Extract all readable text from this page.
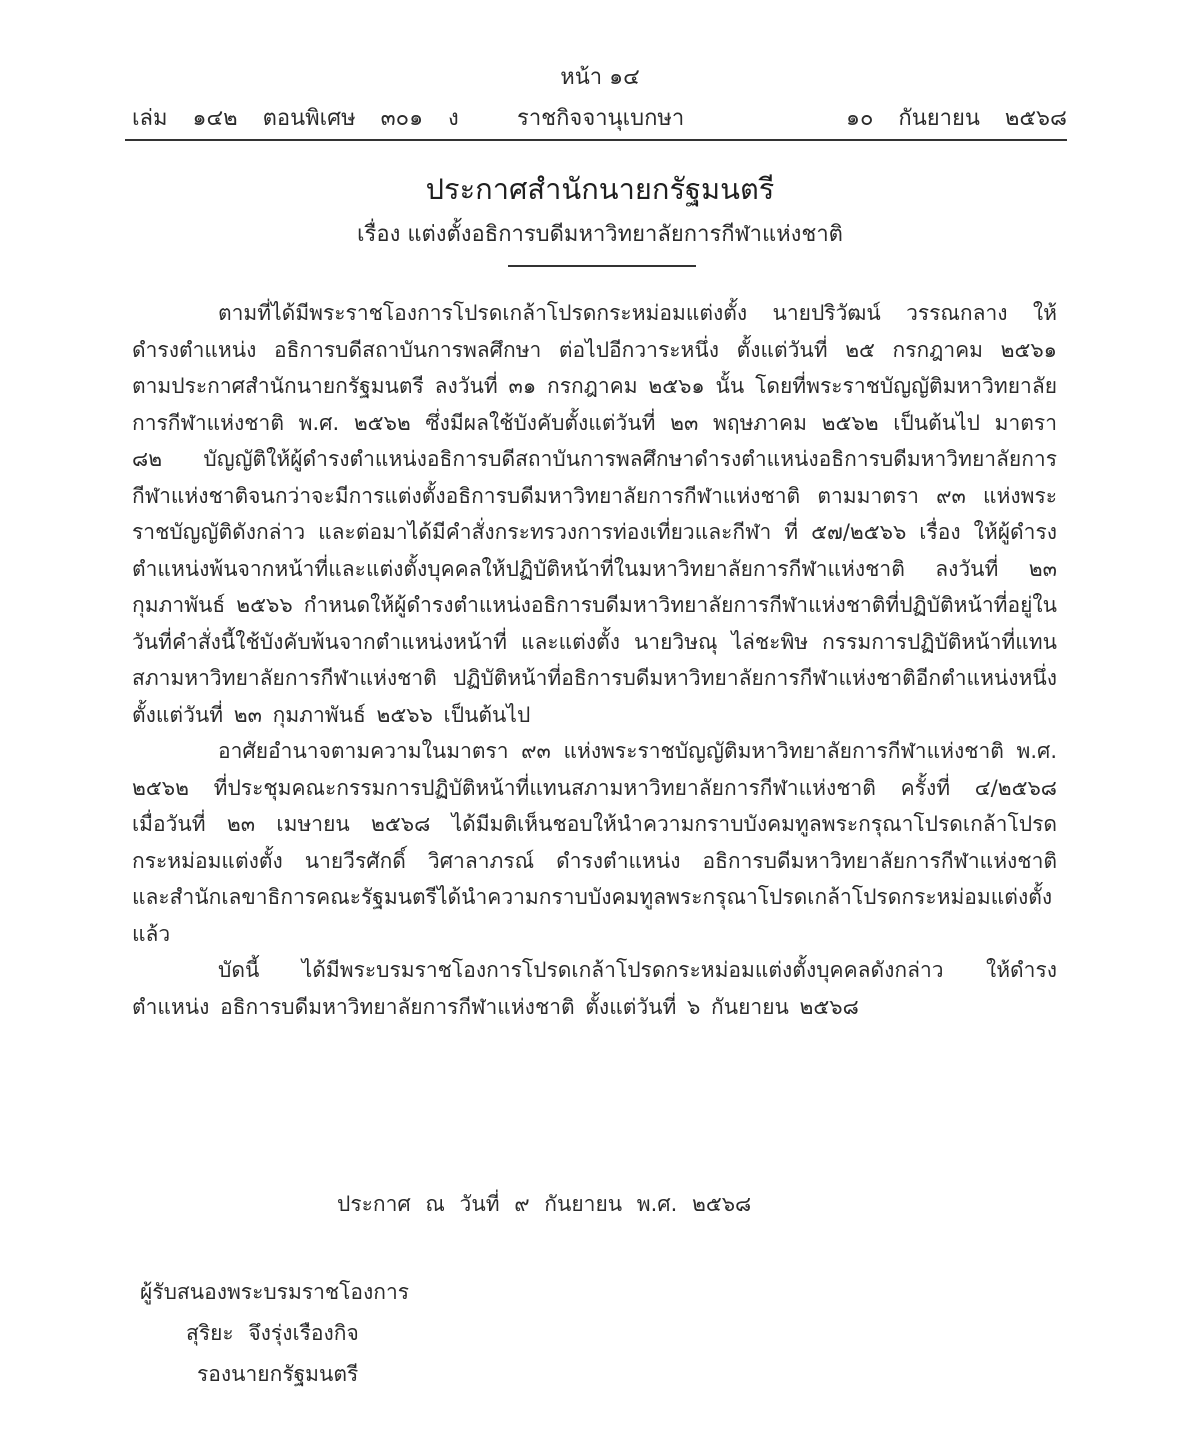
หน้า ๑๔
เล่ม ๑๔๒ ตอนพิเศษ ๓๐๑ ง	ราชกิจจานุเบกษา	๑๐ กันยายน ๒๕๖๘
ประกาศสำนักนายกรัฐมนตรี
เรื่อง แต่งตั้งอธิการบดีมหาวิทยาลัยการกีฬาแห่งชาติ

ตามที่ได้มีพระราชโองการโปรดเกล้าโปรดกระหม่อมแต่งตั้ง นายปริวัฒน์ วรรณกลาง ให้ดำรงตำแหน่ง อธิการบดีสถาบันการพลศึกษา ต่อไปอีกวาระหนึ่ง ตั้งแต่วันที่ ๒๕ กรกฎาคม ๒๕๖๑ ตามประกาศสำนักนายกรัฐมนตรี ลงวันที่ ๓๑ กรกฎาคม ๒๕๖๑ นั้น โดยที่พระราชบัญญัติมหาวิทยาลัยการกีฬาแห่งชาติ พ.ศ. ๒๕๖๒ ซึ่งมีผลใช้บังคับตั้งแต่วันที่ ๒๓ พฤษภาคม ๒๕๖๒ เป็นต้นไป มาตรา ๘๒ บัญญัติให้ผู้ดำรงตำแหน่งอธิการบดีสถาบันการพลศึกษาดำรงตำแหน่งอธิการบดีมหาวิทยาลัยการกีฬาแห่งชาติจนกว่าจะมีการแต่งตั้งอธิการบดีมหาวิทยาลัยการกีฬาแห่งชาติ ตามมาตรา ๙๓ แห่งพระราชบัญญัติดังกล่าว และต่อมาได้มีคำสั่งกระทรวงการท่องเที่ยวและกีฬา ที่ ๕๗/๒๕๖๖ เรื่อง ให้ผู้ดำรงตำแหน่งพ้นจากหน้าที่และแต่งตั้งบุคคลให้ปฏิบัติหน้าที่ในมหาวิทยาลัยการกีฬาแห่งชาติ ลงวันที่ ๒๓ กุมภาพันธ์ ๒๕๖๖ กำหนดให้ผู้ดำรงตำแหน่งอธิการบดีมหาวิทยาลัยการกีฬาแห่งชาติที่ปฏิบัติหน้าที่อยู่ในวันที่คำสั่งนี้ใช้บังคับพ้นจากตำแหน่งหน้าที่ และแต่งตั้ง นายวิษณุ ไล่ชะพิษ กรรมการปฏิบัติหน้าที่แทนสภามหาวิทยาลัยการกีฬาแห่งชาติ ปฏิบัติหน้าที่อธิการบดีมหาวิทยาลัยการกีฬาแห่งชาติอีกตำแหน่งหนึ่ง ตั้งแต่วันที่ ๒๓ กุมภาพันธ์ ๒๕๖๖ เป็นต้นไป

อาศัยอำนาจตามความในมาตรา ๙๓ แห่งพระราชบัญญัติมหาวิทยาลัยการกีฬาแห่งชาติ พ.ศ. ๒๕๖๒ ที่ประชุมคณะกรรมการปฏิบัติหน้าที่แทนสภามหาวิทยาลัยการกีฬาแห่งชาติ ครั้งที่ ๔/๒๕๖๘ เมื่อวันที่ ๒๓ เมษายน ๒๕๖๘ ได้มีมติเห็นชอบให้นำความกราบบังคมทูลพระกรุณาโปรดเกล้าโปรดกระหม่อมแต่งตั้ง นายวีรศักดิ์ วิศาลาภรณ์ ดำรงตำแหน่ง อธิการบดีมหาวิทยาลัยการกีฬาแห่งชาติ และสำนักเลขาธิการคณะรัฐมนตรีได้นำความกราบบังคมทูลพระกรุณาโปรดเกล้าโปรดกระหม่อมแต่งตั้งแล้ว

บัดนี้ ได้มีพระบรมราชโองการโปรดเกล้าโปรดกระหม่อมแต่งตั้งบุคคลดังกล่าว ให้ดำรงตำแหน่ง อธิการบดีมหาวิทยาลัยการกีฬาแห่งชาติ ตั้งแต่วันที่ ๖ กันยายน ๒๕๖๘

ประกาศ ณ วันที่ ๙ กันยายน พ.ศ. ๒๕๖๘
ผู้รับสนองพระบรมราชโองการ
สุริยะ จึงรุ่งเรืองกิจ
รองนายกรัฐมนตรี
